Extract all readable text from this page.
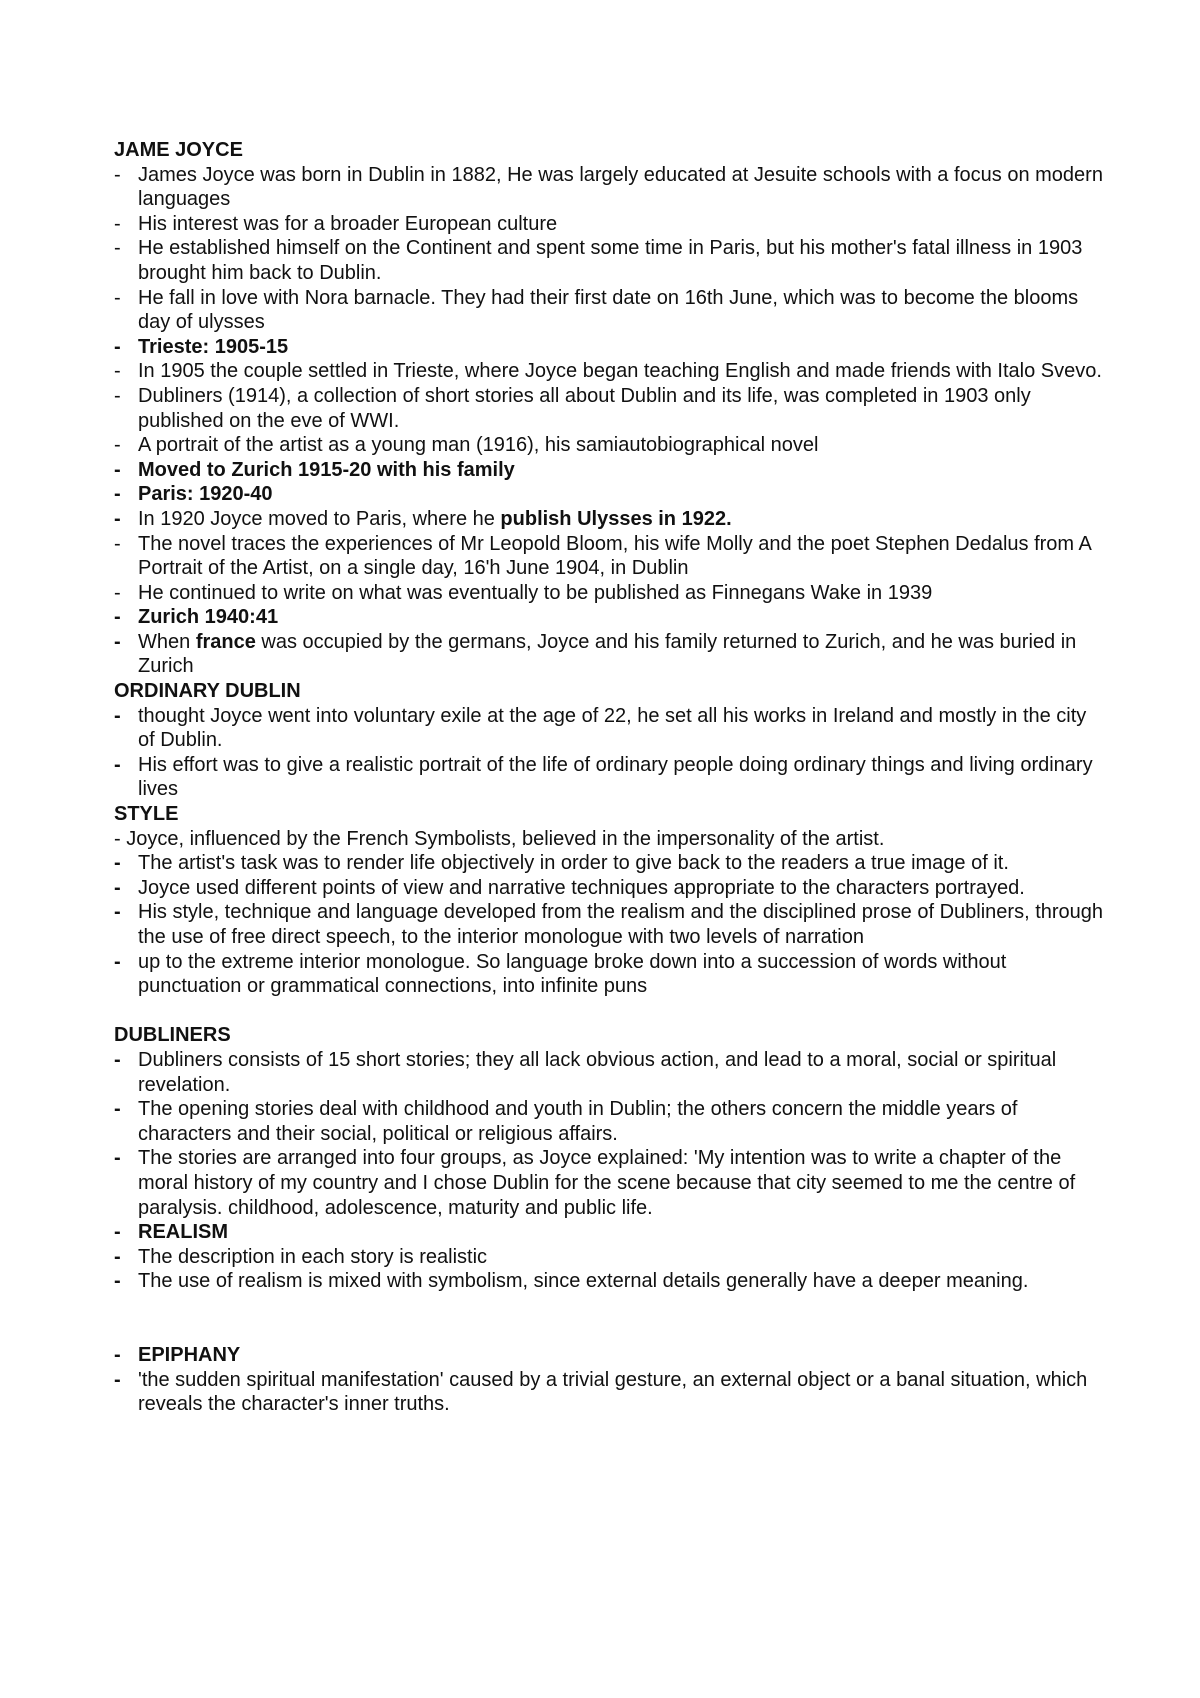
JAME JOYCE
- James Joyce was born in Dublin in 1882, He was largely educated at Jesuite schools with a focus on modern languages
- His interest was for a broader European culture
- He established himself on the Continent and spent some time in Paris, but his mother's fatal illness in 1903 brought him back to Dublin.
- He fall in love with Nora barnacle. They had their first date on 16th June, which was to become the blooms day of ulysses
- Trieste: 1905-15
- In 1905 the couple settled in Trieste, where Joyce began teaching English and made friends with Italo Svevo.
- Dubliners (1914), a collection of short stories all about Dublin and its life, was completed in 1903 only published on the eve of WWI.
- A portrait of the artist as a young man (1916), his samiautobiographical novel
- Moved to Zurich 1915-20 with his family
- Paris: 1920-40
- In 1920 Joyce moved to Paris, where he publish Ulysses in 1922.
- The novel traces the experiences of Mr Leopold Bloom, his wife Molly and the poet Stephen Dedalus from A Portrait of the Artist, on a single day, 16'h June 1904, in Dublin
- He continued to write on what was eventually to be published as Finnegans Wake in 1939
- Zurich 1940:41
- When france was occupied by the germans, Joyce and his family returned to Zurich, and he was buried in Zurich
ORDINARY DUBLIN
- thought Joyce went into voluntary exile at the age of 22, he set all his works in Ireland and mostly in the city of Dublin.
- His effort was to give a realistic portrait of the life of ordinary people doing ordinary things and living ordinary lives
STYLE
- Joyce, influenced by the French Symbolists, believed in the impersonality of the artist.
- The artist's task was to render life objectively in order to give back to the readers a true image of it.
- Joyce used different points of view and narrative techniques appropriate to the characters portrayed.
- His style, technique and language developed from the realism and the disciplined prose of Dubliners, through the use of free direct speech, to the interior monologue with two levels of narration
- up to the extreme interior monologue. So language broke down into a succession of words without punctuation or grammatical connections, into infinite puns
DUBLINERS
- Dubliners consists of 15 short stories; they all lack obvious action, and lead to a moral, social or spiritual revelation.
- The opening stories deal with childhood and youth in Dublin; the others concern the middle years of characters and their social, political or religious affairs.
- The stories are arranged into four groups, as Joyce explained: 'My intention was to write a chapter of the moral history of my country and I chose Dublin for the scene because that city seemed to me the centre of paralysis. childhood, adolescence, maturity and public life.
- REALISM
- The description in each story is realistic
- The use of realism is mixed with symbolism, since external details generally have a deeper meaning.
- EPIPHANY
- 'the sudden spiritual manifestation' caused by a trivial gesture, an external object or a banal situation, which reveals the character's inner truths.
